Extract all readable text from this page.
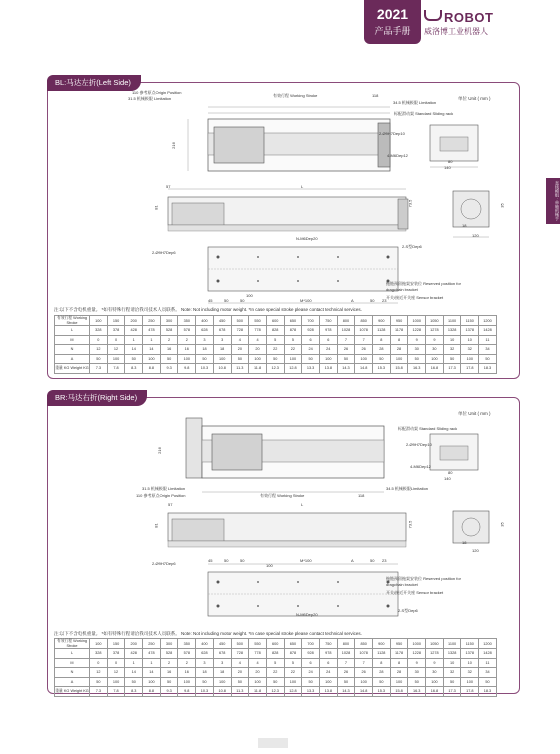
2021
产品手册
ROBOT
威洛博工业机器人
直线模组 · 单轴机械手
BL:马达左折(Left Side)
单位 Unit ( mm )
110 参考原点Origin Position
31.5 机械极限 Limitation
有效行程 Working Stroke	118
34.5 机械极限 Limitation
标配滑动架 Standard Sliding rack
2-Ø9H7Dep10
4-M6Dep12
80
140
216
57	L
81
73.5
18
120
35
N-M6Dep20
2-Ø9H7Dep6
2-S型Dep6
拖链预留拖架安装位 Reserved position for dragchain bracket
开关/接近开关座 Sensor bracket
45	50	50
100
M*100	A	50 23
注:以下不含电机重量。 *如有特殊行程请洽我司技术人员联系。 Note: Not including motor weight. *In case special stroke please contact technical services.
有效行程 Working Stroke	100	150	200	250	300	350	400	450	500	550	600	650	700	750	800	850	900	950	1000	1050	1100	1150	1200
L	328	378	428	478	528	578	628	678	728	778	828	878	928	978	1028	1078	1128	1178	1228	1278	1328	1378	1428
M	0	0	1	1	2	2	3	3	4	4	5	5	6	6	7	7	8	8	9	9	10	10	11
N	12	12	14	14	16	16	18	18	20	20	22	22	24	24	26	26	28	28	30	30	32	32	34
A	50	100	50	100	50	100	50	100	50	100	50	100	50	100	50	100	50	100	50	100	50	100	50
重量 KG Weight KG	7.3	7.8	8.3	8.8	9.3	9.8	10.3	10.8	11.3	11.8	12.3	12.8	13.3	13.8	14.3	14.8	15.3	15.8	16.3	16.8	17.3	17.8	18.3
BR:马达右折(Right Side)
单位 Unit ( mm )
标配滑动架 Standard Sliding rack
2-Ø9H7Dep10
4-M6Dep12
80
140
216
31.5 机械极限 Limitation
110 参考原点Origin Position	有效行程 Working Stroke	118
34.5 机械极限Limitation
57	L
81	73.5
18
120
35
2-Ø9H7Dep6
45	50	50
100
M*100	A	50 23
拖链预留拖架安装位 Reserved position for dragchain bracket
开关/接近开关座 Sensor bracket
2-S型Dep6
N-M6Dep20
注:以下不含电机重量。 *如有特殊行程请洽我司技术人员联系。 Note: Not including motor weight. *In case special stroke please contact technical services.
有效行程 Working Stroke	100	150	200	250	300	350	400	450	500	550	600	650	700	750	800	850	900	950	1000	1050	1100	1150	1200
L	328	378	428	478	528	578	628	678	728	778	828	878	928	978	1028	1078	1128	1178	1228	1278	1328	1378	1428
M	0	0	1	1	2	2	3	3	4	4	5	5	6	6	7	7	8	8	9	9	10	10	11
N	12	12	14	14	16	16	18	18	20	20	22	22	24	24	26	26	28	28	30	30	32	32	34
A	50	100	50	100	50	100	50	100	50	100	50	100	50	100	50	100	50	100	50	100	50	100	50
重量 KG Weight KG	7.3	7.8	8.3	8.8	9.3	9.8	10.3	10.8	11.3	11.8	12.3	12.8	13.3	13.8	14.3	14.8	15.3	15.8	16.3	16.8	17.3	17.8	18.3
